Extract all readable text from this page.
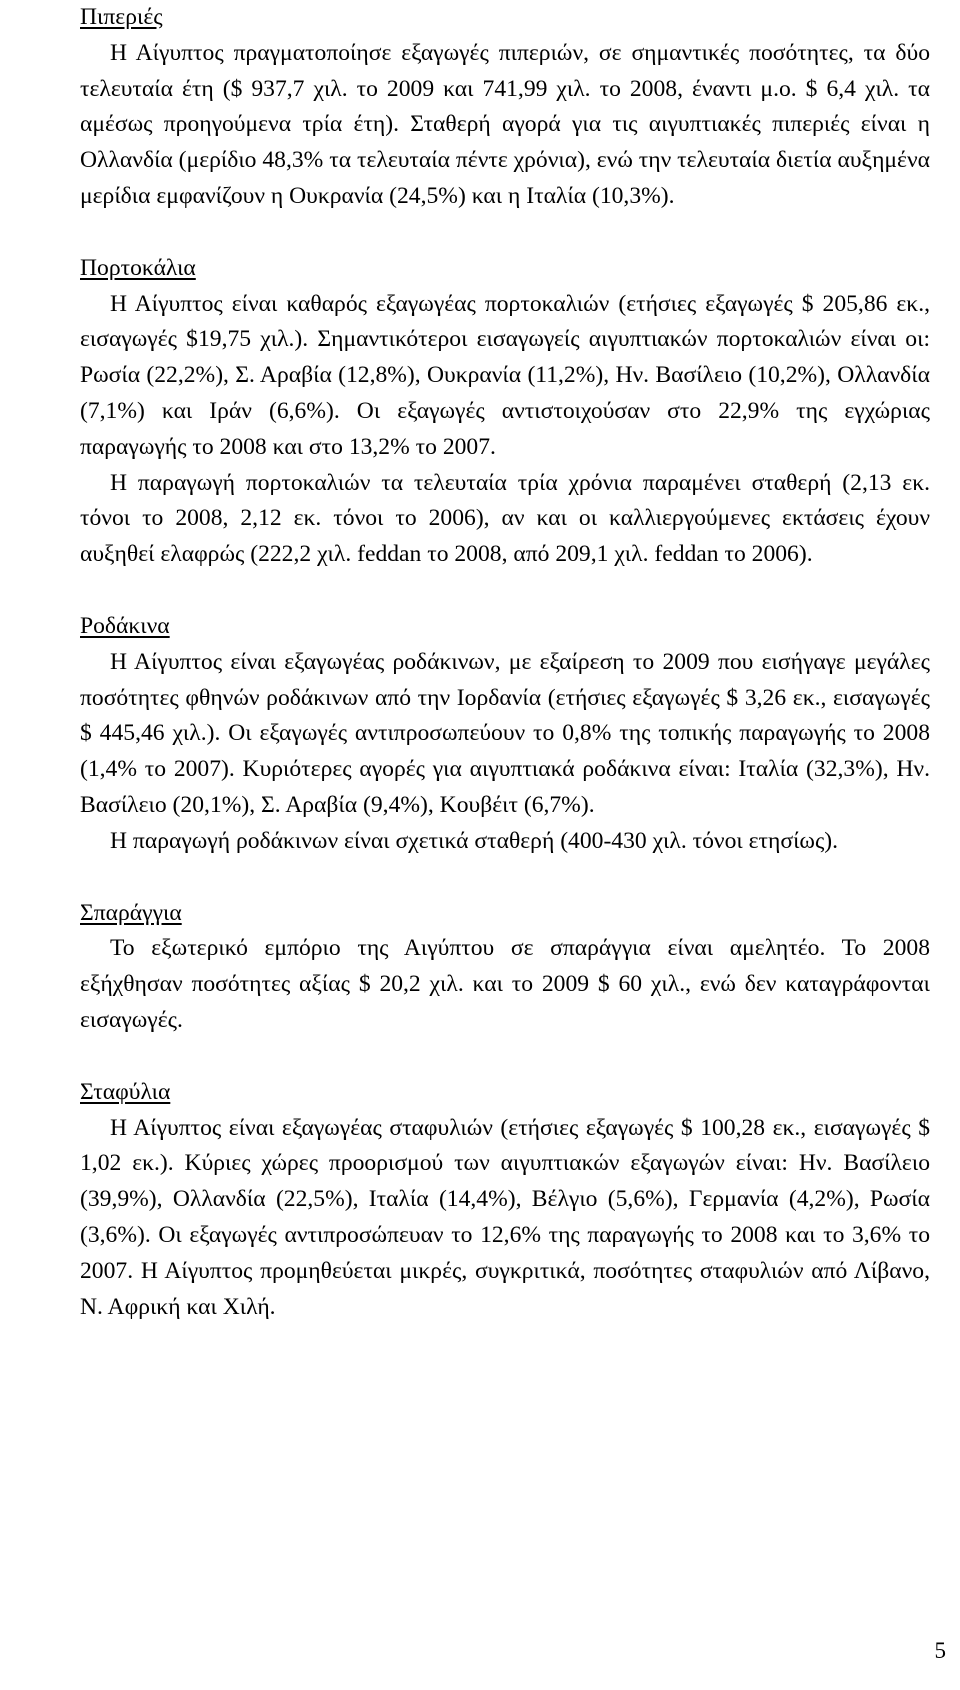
Πιπεριές

Η Αίγυπτος πραγματοποίησε εξαγωγές πιπεριών, σε σημαντικές ποσότητες, τα δύο τελευταία έτη ($ 937,7 χιλ. το 2009 και 741,99 χιλ. το 2008, έναντι μ.ο. $ 6,4 χιλ. τα αμέσως προηγούμενα τρία έτη). Σταθερή αγορά για τις αιγυπτιακές πιπεριές είναι η Ολλανδία (μερίδιο 48,3% τα τελευταία πέντε χρόνια), ενώ την τελευταία διετία αυξημένα μερίδια εμφανίζουν η Ουκρανία (24,5%) και η Ιταλία (10,3%).

Πορτοκάλια

Η Αίγυπτος είναι καθαρός εξαγωγέας πορτοκαλιών (ετήσιες εξαγωγές $ 205,86 εκ., εισαγωγές $19,75 χιλ.). Σημαντικότεροι εισαγωγείς αιγυπτιακών πορτοκαλιών είναι οι: Ρωσία (22,2%), Σ. Αραβία (12,8%), Ουκρανία (11,2%), Ην. Βασίλειο (10,2%), Ολλανδία (7,1%) και Ιράν (6,6%). Οι εξαγωγές αντιστοιχούσαν στο 22,9% της εγχώριας παραγωγής το 2008 και στο 13,2% το 2007.

Η παραγωγή πορτοκαλιών τα τελευταία τρία χρόνια παραμένει σταθερή (2,13 εκ. τόνοι το 2008, 2,12 εκ. τόνοι το 2006), αν και οι καλλιεργούμενες εκτάσεις έχουν αυξηθεί ελαφρώς (222,2 χιλ. feddan το 2008, από 209,1 χιλ. feddan το 2006).

Ροδάκινα

Η Αίγυπτος είναι εξαγωγέας ροδάκινων, με εξαίρεση το 2009 που εισήγαγε μεγάλες ποσότητες φθηνών ροδάκινων από την Ιορδανία (ετήσιες εξαγωγές $ 3,26 εκ., εισαγωγές $ 445,46 χιλ.). Οι εξαγωγές αντιπροσωπεύουν το 0,8% της τοπικής παραγωγής το 2008 (1,4% το 2007). Κυριότερες αγορές για αιγυπτιακά ροδάκινα είναι: Ιταλία (32,3%), Ην. Βασίλειο (20,1%), Σ. Αραβία (9,4%), Κουβέιτ (6,7%).

Η παραγωγή ροδάκινων είναι σχετικά σταθερή (400-430 χιλ. τόνοι ετησίως).

Σπαράγγια

Το εξωτερικό εμπόριο της Αιγύπτου σε σπαράγγια είναι αμελητέο. Το 2008 εξήχθησαν ποσότητες αξίας $ 20,2 χιλ. και το 2009 $ 60 χιλ., ενώ δεν καταγράφονται εισαγωγές.

Σταφύλια

Η Αίγυπτος είναι εξαγωγέας σταφυλιών (ετήσιες εξαγωγές $ 100,28 εκ., εισαγωγές $ 1,02 εκ.). Κύριες χώρες προορισμού των αιγυπτιακών εξαγωγών είναι: Ην. Βασίλειο (39,9%), Ολλανδία (22,5%), Ιταλία (14,4%), Βέλγιο (5,6%), Γερμανία (4,2%), Ρωσία (3,6%). Οι εξαγωγές αντιπροσώπευαν το 12,6% της παραγωγής το 2008 και το 3,6% το 2007. Η Αίγυπτος προμηθεύεται μικρές, συγκριτικά, ποσότητες σταφυλιών από Λίβανο, Ν. Αφρική και Χιλή.

5
